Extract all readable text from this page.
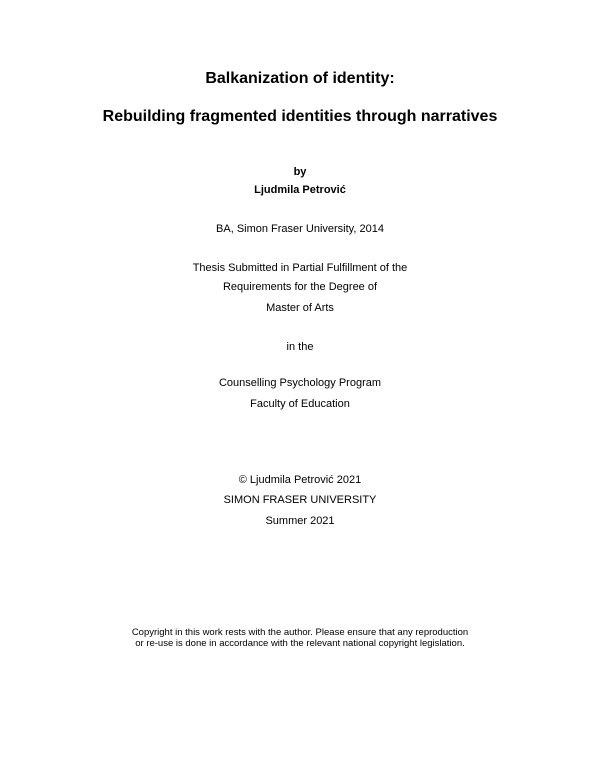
Balkanization of identity:
Rebuilding fragmented identities through narratives
by
Ljudmila Petrović
BA, Simon Fraser University, 2014
Thesis Submitted in Partial Fulfillment of the
Requirements for the Degree of
Master of Arts
in the
Counselling Psychology Program
Faculty of Education
© Ljudmila Petrović 2021
SIMON FRASER UNIVERSITY
Summer 2021
Copyright in this work rests with the author. Please ensure that any reproduction
or re-use is done in accordance with the relevant national copyright legislation.
